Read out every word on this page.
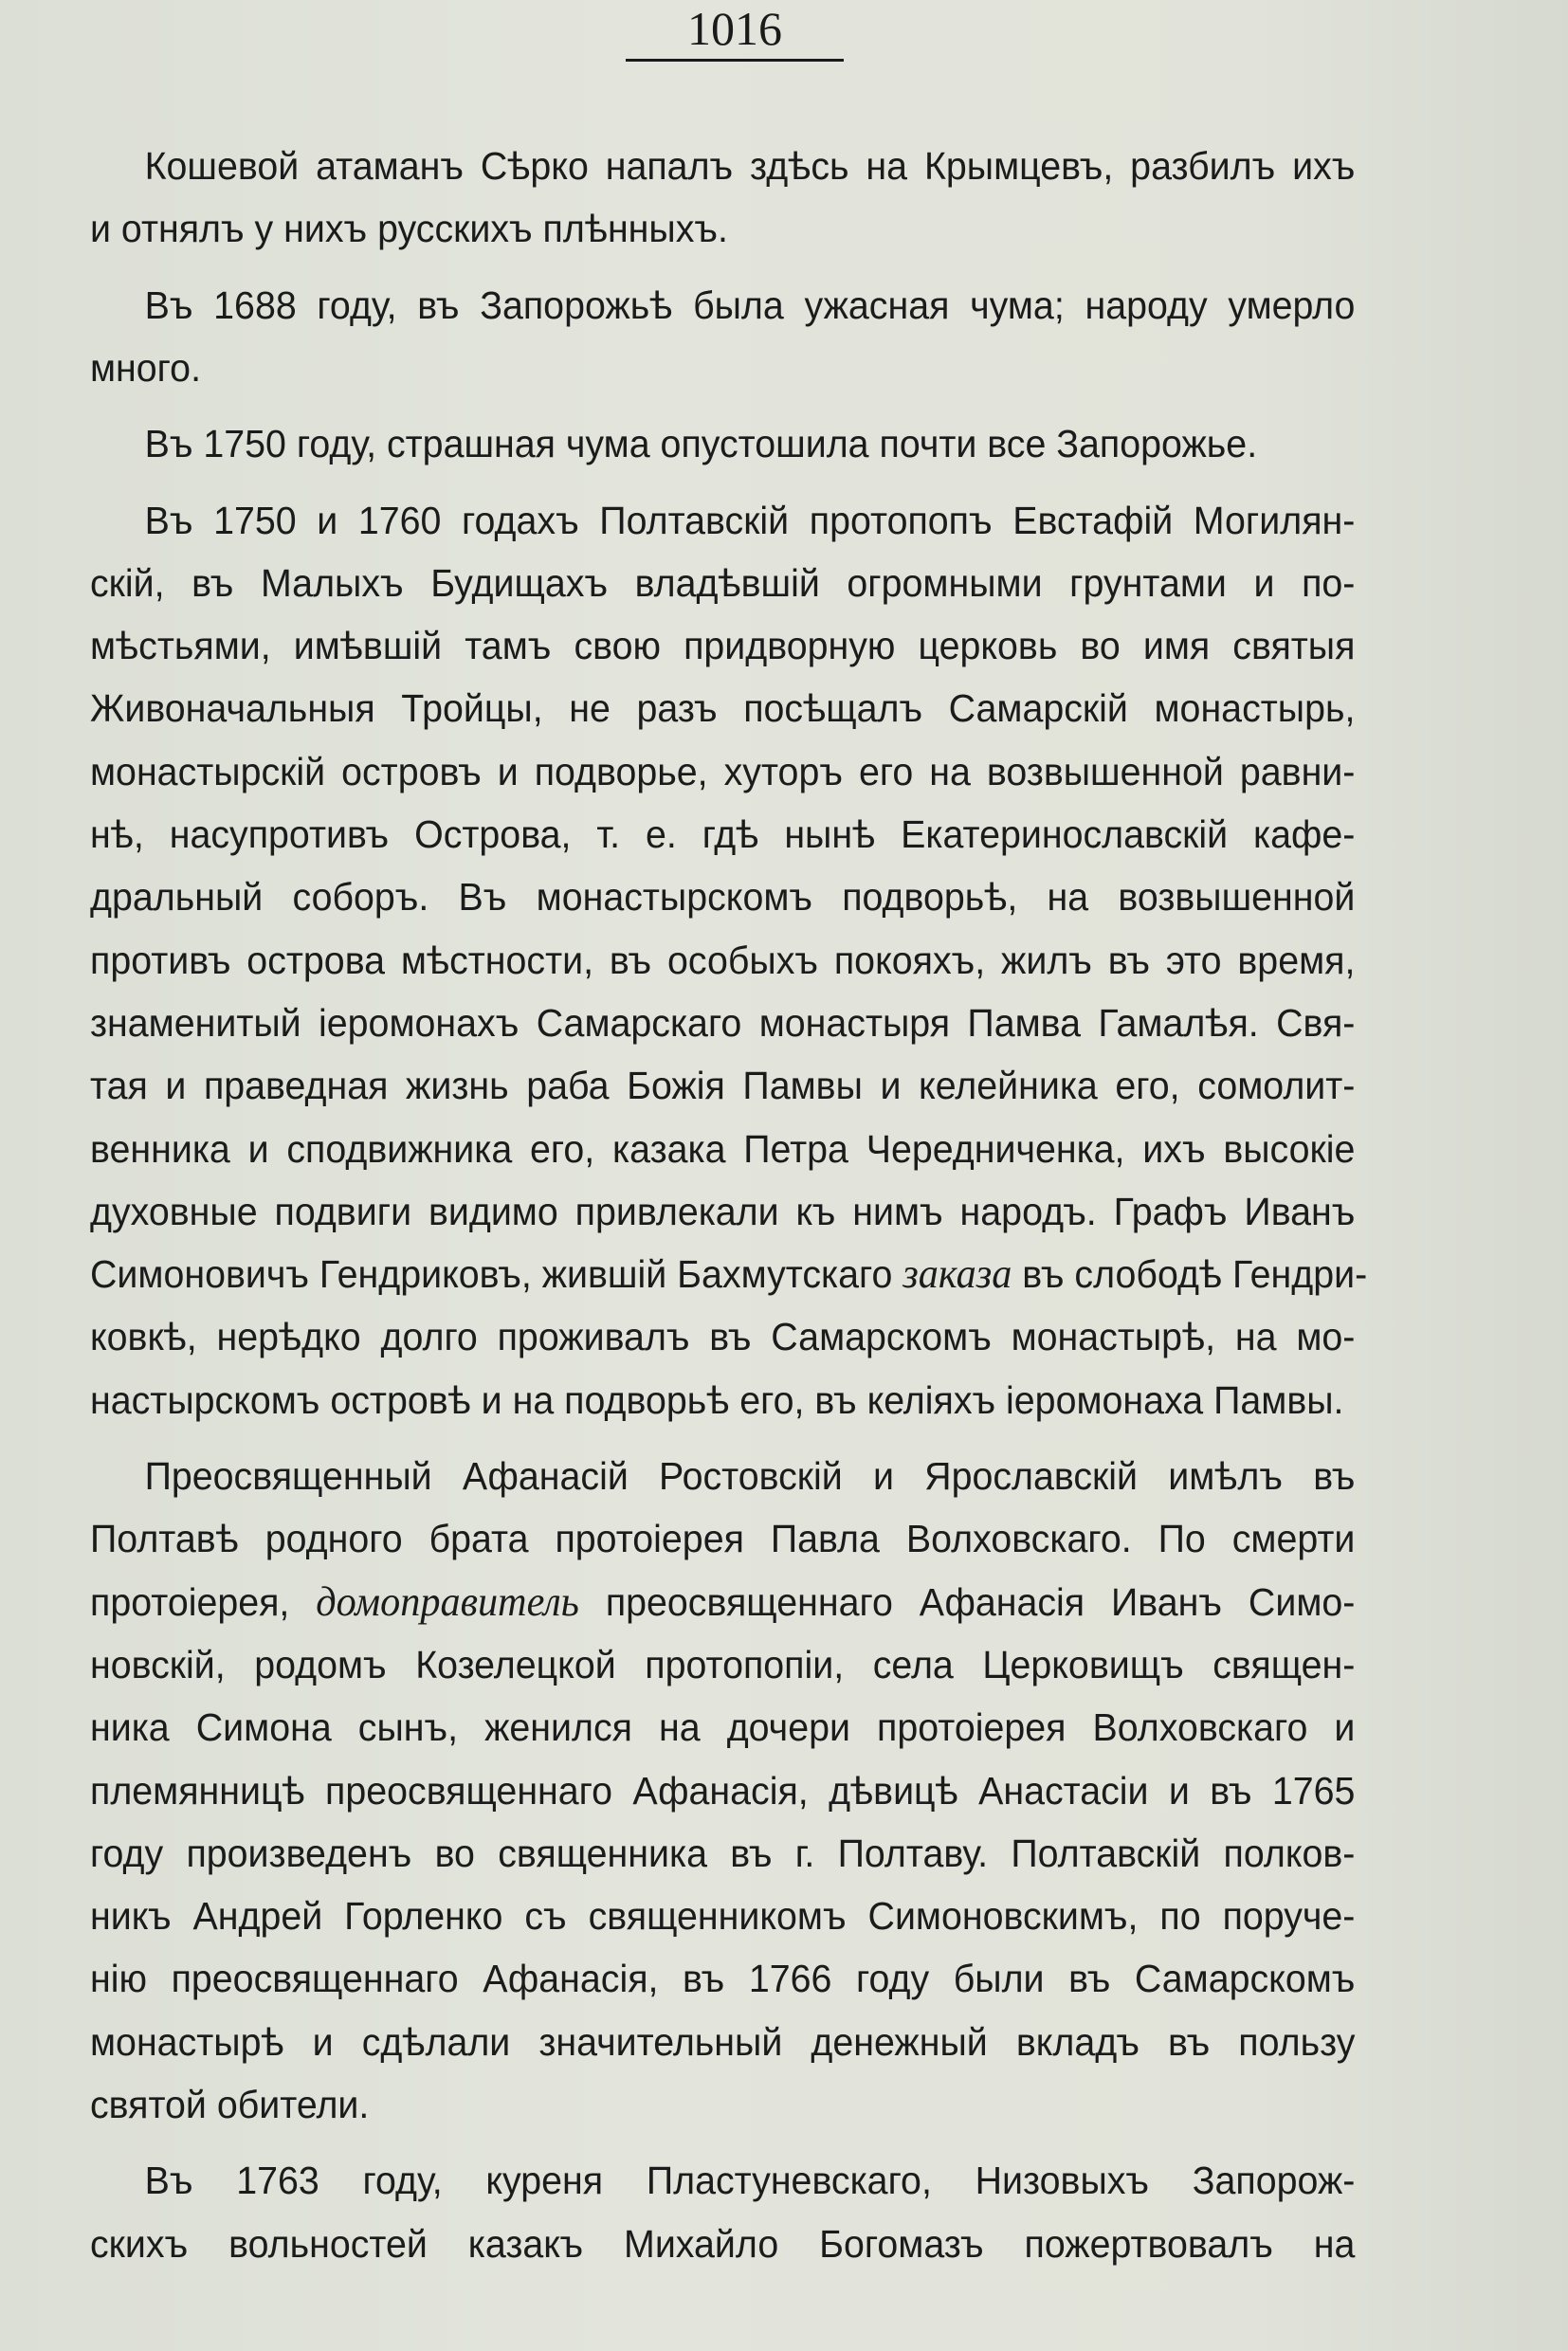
1016
Кошевой атаманъ Сѣрко напалъ здѣсь на Крымцевъ, разбилъ ихъ
и отнялъ у нихъ русскихъ плѣнныхъ.
Въ 1688 году, въ Запорожьѣ была ужасная чума; народу умерло
много.
Въ 1750 году, страшная чума опустошила почти все Запорожье.
Въ 1750 и 1760 годахъ Полтавскій протопопъ Евстафій Могилян-
скій, въ Малыхъ Будищахъ владѣвшій огромными грунтами и по-
мѣстьями, имѣвшій тамъ свою придворную церковь во имя святыя
Живоначальныя Тройцы, не разъ посѣщалъ Самарскій монастырь,
монастырскій островъ и подворье, хуторъ его на возвышенной равни-
нѣ, насупротивъ Острова, т. е. гдѣ нынѣ Екатеринославскій кафе-
дральный соборъ. Въ монастырскомъ подворьѣ, на возвышенной
противъ острова мѣстности, въ особыхъ покояхъ, жилъ въ это время,
знаменитый іеромонахъ Самарскаго монастыря Памва Гамалѣя. Свя-
тая и праведная жизнь раба Божія Памвы и келейника его, сомолит-
венника и сподвижника его, казака Петра Чередниченка, ихъ высокіе
духовные подвиги видимо привлекали къ нимъ народъ. Графъ Иванъ
Симоновичъ Гендриковъ, жившій Бахмутскаго заказа въ слободѣ Гендри-
ковкѣ, нерѣдко долго проживалъ въ Самарскомъ монастырѣ, на мо-
настырскомъ островѣ и на подворьѣ его, въ келіяхъ іеромонаха Памвы.
Преосвященный Афанасій Ростовскій и Ярославскій имѣлъ въ
Полтавѣ родного брата протоіерея Павла Волховскаго. По смерти
протоіерея, домоправитель преосвященнаго Афанасія Иванъ Симо-
новскій, родомъ Козелецкой протопопіи, села Церковищъ священ-
ника Симона сынъ, женился на дочери протоіерея Волховскаго и
племянницѣ преосвященнаго Афанасія, дѣвицѣ Анастасіи и въ 1765
году произведенъ во священника въ г. Полтаву. Полтавскій полков-
никъ Андрей Горленко съ священникомъ Симоновскимъ, по поруче-
нію преосвященнаго Афанасія, въ 1766 году были въ Самарскомъ
монастырѣ и сдѣлали значительный денежный вкладъ въ пользу
святой обители.
Въ 1763 году, куреня Пластуневскаго, Низовыхъ Запорож-
скихъ вольностей казакъ Михайло Богомазъ пожертвовалъ на
